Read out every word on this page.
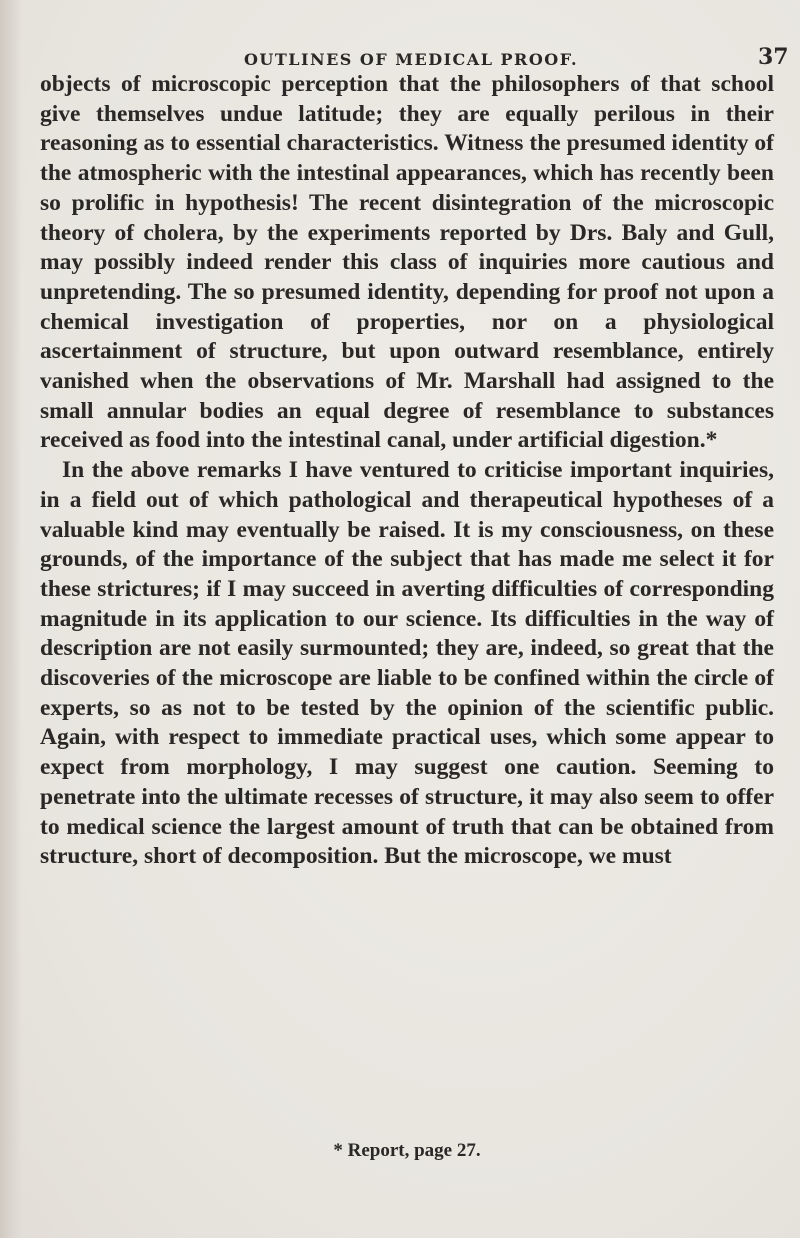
OUTLINES OF MEDICAL PROOF.	37

objects of microscopic perception that the philosophers of that school give themselves undue latitude; they are equally perilous in their reasoning as to essential characteristics. Witness the presumed identity of the atmospheric with the intestinal appearances, which has recently been so prolific in hypothesis! The recent disintegration of the microscopic theory of cholera, by the experiments reported by Drs. Baly and Gull, may possibly indeed render this class of inquiries more cautious and unpretending. The so presumed identity, depending for proof not upon a chemical investigation of properties, nor on a physiological ascertainment of structure, but upon outward resemblance, entirely vanished when the observations of Mr. Marshall had assigned to the small annular bodies an equal degree of resemblance to substances received as food into the intestinal canal, under artificial digestion.*

In the above remarks I have ventured to criticise important inquiries, in a field out of which pathological and therapeutical hypotheses of a valuable kind may eventually be raised. It is my consciousness, on these grounds, of the importance of the subject that has made me select it for these strictures; if I may succeed in averting difficulties of corresponding magnitude in its application to our science. Its difficulties in the way of description are not easily surmounted; they are, indeed, so great that the discoveries of the microscope are liable to be confined within the circle of experts, so as not to be tested by the opinion of the scientific public. Again, with respect to immediate practical uses, which some appear to expect from morphology, I may suggest one caution. Seeming to penetrate into the ultimate recesses of structure, it may also seem to offer to medical science the largest amount of truth that can be obtained from structure, short of decomposition. But the microscope, we must

* Report, page 27.
